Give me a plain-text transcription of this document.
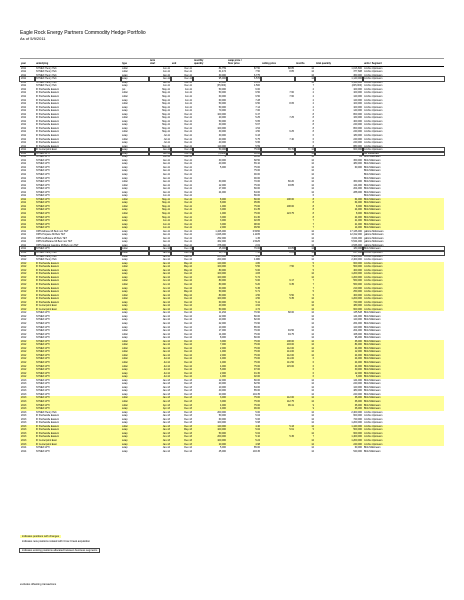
Eagle Rock Energy Partners Commodity Hedge Portfolio
As of 5/9/2011
			term		monthly	swap price /				
year	underlying	type	start	end	quantity	floor price	ceiling price	months	total quantity	units / Segment
2011	NYMEX Henry Hub	collar	Jun-11	Dec-11	84,759	$7.50	$8.85	12	1,016,800	mmbtu Upstream
2011	NYMEX Henry Hub	collar	Jun-11	Dec-11	31,474	7.50	8.85	12	377,688	mmbtu Upstream
2011	NYMEX Henry Hub	swap	Jan-11	Dec-11	30,000	6.775		12	360,000	mmbtu Upstream
2011	NYMEX Henry Hub	swap	Jan-11	Dec-11	95,000	6.570		12	1,140,000	mmbtu Upstream
2011	NYMEX Henry Hub	swap	Jan-11	Dec-11	95,000	6.570		12	1,140,000	mmbtu Upstream
2011	NYMEX Henry Hub	swap	Jun-11	Dec-11	(35,000)	4.500		7	(245,000)	mmbtu Upstream
2011	IF Panhandle Eastern	put	May-11	Jun-11	50,000	6.00		2	100,000	mmbtu Upstream
2011	IF Panhandle Eastern	collar	May-11	Jun-11	50,000	6.50	7.60	2	100,000	mmbtu Upstream
2011	IF Panhandle Eastern	collar	May-11	Jun-11	60,000	6.50	7.60	2	120,000	mmbtu Upstream
2011	IF Panhandle Eastern	swap	May-11	Jun-11	60,000	7.28		2	120,000	mmbtu Upstream
2011	IF Panhandle Eastern	collar	May-11	Jun-11	50,000	6.50	8.05	2	100,000	mmbtu Upstream
2011	IF Panhandle Eastern	swap	May-11	Jun-11	50,000	7.14		2	100,000	mmbtu Upstream
2011	IF Panhandle Eastern	swap	May-11	Jun-11	70,000	7.00		2	140,000	mmbtu Upstream
2011	IF Panhandle Eastern	swap	May-11	Dec-11	100,000	6.47		8	800,000	mmbtu Upstream
2011	IF Panhandle Eastern	collar	May-11	Dec-11	20,000	5.25	7.25	8	160,000	mmbtu Upstream
2011	IF Panhandle Eastern	swap	May-11	Dec-11	50,000	5.65		8	400,000	mmbtu Upstream
2011	IF Panhandle Eastern	swap	May-11	Dec-11	30,000	5.67		8	240,000	mmbtu Upstream
2011	IF Panhandle Eastern	swap	May-11	Dec-11	100,000	4.54		8	800,000	mmbtu Upstream
2011	IF Panhandle Eastern	collar	May-11	Dec-11	30,000	4.50	6.25	8	240,000	mmbtu Upstream
2011	IF Panhandle Eastern	swap	Jul-11	Dec-11	30,000	6.43		6	180,000	mmbtu Upstream
2011	IF Panhandle Eastern	collar	Jul-11	Dec-11	40,000	5.75	7.40	6	240,000	mmbtu Upstream
2011	IF Panhandle Eastern	swap	Jul-11	Dec-11	40,000	5.95		6	240,000	mmbtu Upstream
2011	IF Panhandle Eastern	swap	May-11	Dec-11	110,000	5.59		8	880,000	mmbtu Upstream
2011	IF Centerpoint East	swap	Jan-11	Dec-11	50,000	75.00	65.70	12	600,000	mmbtu Upstream
2011	NYMEX WTI	swap	Jan-11	Dec-11	(6,000)	90.00		12		bbl Midstream
2011	NYMEX WTI	swap	Jun-11	Dec-11	2	90.00		12	24	Bbls Midstream
2011	NYMEX WTI	swap	Jan-11	Dec-11	30,000	68.50		12	360,000	Bbls Midstream
2011	NYMEX WTI	swap	Jan-11	Dec-11	40,000	65.10		12	480,000	Bbls Midstream
2011	NYMEX WTI	swap	Jan-11	Dec-11	5,000	75.00		12	60,000	Bbls Midstream
2011	NYMEX WTI	swap	Jan-11	Dec-11		75.00		12		Bbls Midstream
2011	NYMEX WTI	swap	Jan-11	Dec-11		90.00		12		Bbls Midstream
2011	NYMEX WTI	swap	Jan-11	Dec-11		90.00		12		Bbls Midstream
2011	NYMEX WTI	collar	Jan-11	Dec-11	30,000	70.00	80.20	12	360,000	Bbls Midstream
2011	NYMEX WTI	collar	Jan-11	Dec-11	12,000	75.00	93.85	12	144,000	Bbls Midstream
2011	NYMEX WTI	swap	Jan-11	Dec-11	17,000	80.00		12	204,000	Bbls Midstream
2011	NYMEX WTI	swap	Jan-11	Dec-11	24,000	84.00		12	288,000	Bbls Midstream
2011	NYMEX WTI	swap	Jun-11	Dec-11		86.00		6		Bbls Midstream
2011	NYMEX WTI	collar	May-11	Dec-11	8,000	80.00	108.00	8	64,000	Bbls Midstream
2011	NYMEX WTI	swap	May-11	Dec-11	8,000	95.80		8	64,000	Bbls Midstream
2011	NYMEX WTI	collar	May-11	Dec-11	1,000	75.00	108.00	8	8,000	Bbls Midstream
2011	NYMEX WTI	swap	May-11	Dec-11	3,000	91.35		8	24,000	Bbls Midstream
2011	NYMEX WTI	collar	May-11	Dec-11	1,000	75.00	123.75	8	8,000	Bbls Midstream
2011	NYMEX WTI	swap	May-11	Dec-11	3,000	91.30		8	24,000	Bbls Midstream
2011	NYMEX WTI	swap	Jun-11	Dec-11	3,000	92.05		7	21,000	Bbls Midstream
2011	NYMEX WTI	swap	Jun-11	Dec-11	3,000	98.00		7	21,000	Bbls Midstream
2011	NYMEX WTI	swap	Jun-11	Dec-11	2,000	99.50		7	14,000	Bbls Midstream
2011	OPIS Ethane Mt Belv non TET	swap	Jan-11	Dec-11	1,426,000	0.5450		12	17,136,000	gallons Midstream
2011	OPIS Propane Mt Belv TET	swap	Jan-11	Dec-11	1,026,000	1.1165		12	12,312,000	gallons Midstream
2011	OPIS IsoButane Mt Belv TET	swap	Jan-11	Dec-11	252,000	1.45		12	3,024,000	gallons Midstream
2011	OPIS NorButane Mt Belv non TET	swap	Jan-11	Dec-11	462,000	1.5425		12	5,544,000	gallons Midstream
2011	OPIS Natural Gasoline Mt Belv non TET	swap	Jan-11	Dec-11	378,000	2.01		12	4,536,000	gallons Midstream
2011	NYMEX WTI	collar	Jan-12	Dec-12	15,000	76.00	93.85	12	180,000	Bbls Midstream
2012	NYMEX Henry Hub	collar	Jan-12	Dec-12	19,755	7.50	8.85	12	237,060	mmbtu Upstream
2012	NYMEX Henry Hub	collar	Jan-12	Dec-12	265,000	4.50		12	3,180,000	mmbtu Upstream
2012	NYMEX Henry Hub	swap	Jan-12	Dec-12	200,000	4.980		12	2,400,000	mmbtu Upstream
2012	IF Panhandle Eastern	swap	Jan-12	May-12	120,000	4.80		5	600,000	mmbtu Upstream
2012	IF Panhandle Eastern	collar	Jan-12	May-12	100,000	5.50	7.50	5	500,000	mmbtu Upstream
2012	IF Panhandle Eastern	swap	Jan-12	May-12	80,000	5.00		5	400,000	mmbtu Upstream
2012	IF Panhandle Eastern	swap	Jan-12	Dec-12	100,000	4.83		12	1,200,000	mmbtu Upstream
2012	IF Panhandle Eastern	swap	Jan-12	Dec-12	100,000	5.72		12	1,200,000	mmbtu Upstream
2012	IF Panhandle Eastern	collar	Jun-12	Dec-12	80,000	5.00	6.17	7	560,000	mmbtu Upstream
2012	IF Panhandle Eastern	collar	Jun-12	Dec-12	80,000	5.20	6.35	7	560,000	mmbtu Upstream
2012	IF Panhandle Eastern	swap	Jun-12	Dec-12	30,000	5.45		7	210,000	mmbtu Upstream
2012	IF Panhandle Eastern	swap	Jan-12	May-12	50,000	5.71		5	250,000	mmbtu Upstream
2012	IF Panhandle Eastern	collar	Jan-12	May-12	80,000	4.50	5.50	5	400,000	mmbtu Upstream
2012	IF Panhandle Eastern	collar	Jan-12	Dec-12	100,000	4.50	5.35	12	1,200,000	mmbtu Upstream
2012	IF Panhandle Eastern	swap	Jan-12	Dec-12	60,000	5.11		12	720,000	mmbtu Upstream
2012	IF Centerpoint East	swap	Jan-12	Dec-12	40,000	4.62		12	480,000	mmbtu Upstream
2012	IF Centerpoint East	swap	Jan-12	Dec-12	50,000	4.72		12	600,000	mmbtu Upstream
2012	NYMEX WTI	swap	Jan-12	Dec-12	11,294	76.90	68.00	12	135,528	Bbls Midstream
2012	NYMEX WTI	swap	Jan-12	Dec-12	12,000	80.00		12	144,000	Bbls Midstream
2012	NYMEX WTI	swap	Jan-12	Dec-12	10,000	82.00		12	120,000	Bbls Midstream
2012	NYMEX WTI	swap	Jan-12	Dec-12	22,000	76.90		12	264,000	Bbls Midstream
2012	NYMEX WTI	swap	Jan-12	Dec-12	10,000	85.00		12	120,000	Bbls Midstream
2012	NYMEX WTI	collar	Jan-12	Dec-12	17,000	76.00	94.50	12	204,000	Bbls Midstream
2012	NYMEX WTI	collar	Jan-12	Dec-12	14,000	75.00	94.75	12	168,000	Bbls Midstream
2012	NYMEX WTI	swap	Jan-12	Dec-12	8,000	80.00		12	96,000	Bbls Midstream
2012	NYMEX WTI	collar	Jan-12	Dec-12	3,000	75.00	108.00	12	36,000	Bbls Midstream
2012	NYMEX WTI	collar	Jan-12	Dec-12	7,000	75.00	103.00	12	84,000	Bbls Midstream
2012	NYMEX WTI	collar	Jan-12	Dec-12	2,000	75.00	112.00	12	24,000	Bbls Midstream
2012	NYMEX WTI	collar	Jan-12	Dec-12	1,000	75.00	114.00	12	12,000	Bbls Midstream
2012	NYMEX WTI	collar	Jan-12	Dec-12	2,000	75.00	112.00	12	24,000	Bbls Midstream
2012	NYMEX WTI	collar	Jul-12	Dec-12	4,000	75.00	111.00	6	24,000	Bbls Midstream
2012	NYMEX WTI	collar	Jul-12	Dec-12	4,000	75.00	111.50	6	24,000	Bbls Midstream
2012	NYMEX WTI	collar	Jul-12	Dec-12	4,000	75.00	115.00	6	24,000	Bbls Midstream
2012	NYMEX WTI	swap	Jul-12	Dec-12	5,000	97.00		6	30,000	Bbls Midstream
2012	NYMEX WTI	swap	Jul-12	Dec-12	2,000	91.30		6	12,000	Bbls Midstream
2012	NYMEX WTI	swap	Jul-12	Dec-12	1,000	92.00		6	6,000	Bbls Midstream
2013	NYMEX WTI	swap	Jan-13	Dec-13	12,000	80.00		12	144,000	Bbls Midstream
2013	NYMEX WTI	swap	Jan-13	Dec-13	20,000	82.50		12	240,000	Bbls Midstream
2013	NYMEX WTI	swap	Jan-13	Dec-13	10,000	84.00		12	120,000	Bbls Midstream
2013	NYMEX WTI	swap	Jan-13	Dec-13	40,000	85.00		12	480,000	Bbls Midstream
2013	NYMEX WTI	swap	Jan-13	Dec-13	20,000	104.35		12	240,000	Bbls Midstream
2013	NYMEX WTI	collar	Jan-13	Dec-13	3,000	75.00	112.00	12	36,000	Bbls Midstream
2013	NYMEX WTI	collar	Jan-13	Dec-13	3,000	75.00	112.75	12	36,000	Bbls Midstream
2013	NYMEX WTI	collar	Apr-13	Dec-13	4,000	75.00	96.41	9	36,000	Bbls Midstream
2013	NYMEX WTI	swap	Apr-13	Dec-13	4,000	96.00		9	36,000	Bbls Midstream
2013	NYMEX Henry Hub	swap	Jan-13	Dec-13	200,000	5.00		12	2,400,000	mmbtu Upstream
2013	IF Panhandle Eastern	swap	Jan-13	Dec-13	50,000	5.04		12	600,000	mmbtu Upstream
2013	IF Panhandle Eastern	swap	Jan-13	Dec-13	60,000	5.06		12	720,000	mmbtu Upstream
2013	IF Panhandle Eastern	swap	Jan-13	Dec-13	100,000	5.68		12	1,200,000	mmbtu Upstream
2013	IF Panhandle Eastern	collar	Jan-13	Dec-13	120,000	4.40	5.43	12	1,440,000	mmbtu Upstream
2013	IF Panhandle Eastern	swap	Jan-13	May-13	100,000	5.02	5.61	5	500,000	mmbtu Upstream
2013	IF Panhandle Eastern	swap	Jan-13	Dec-13	50,000	5.02		12	600,000	mmbtu Upstream
2013	IF Panhandle Eastern	swap	Jun-13	Dec-13	200,000	5.10	5.45	7	1,400,000	mmbtu Upstream
2013	IF Centerpoint East	swap	Jan-13	Dec-13	100,000	5.24		12	1,200,000	mmbtu Upstream
2013	IF Centerpoint East	swap	Jan-13	Dec-13	20,000	4.98		12	240,000	mmbtu Upstream
2014	NYMEX WTI	swap	Jan-14	Dec-14	5,000	85.00		12	60,000	Bbls Midstream
2014	NYMEX WTI	swap	Jan-14	Dec-14	45,000	103.45		12	540,000	Bbls Midstream
indicates positions with changes
indicates new positions related with Crow Creek acquisition
indicates existing positions allocated between business segments
excludes offsetting transactions
